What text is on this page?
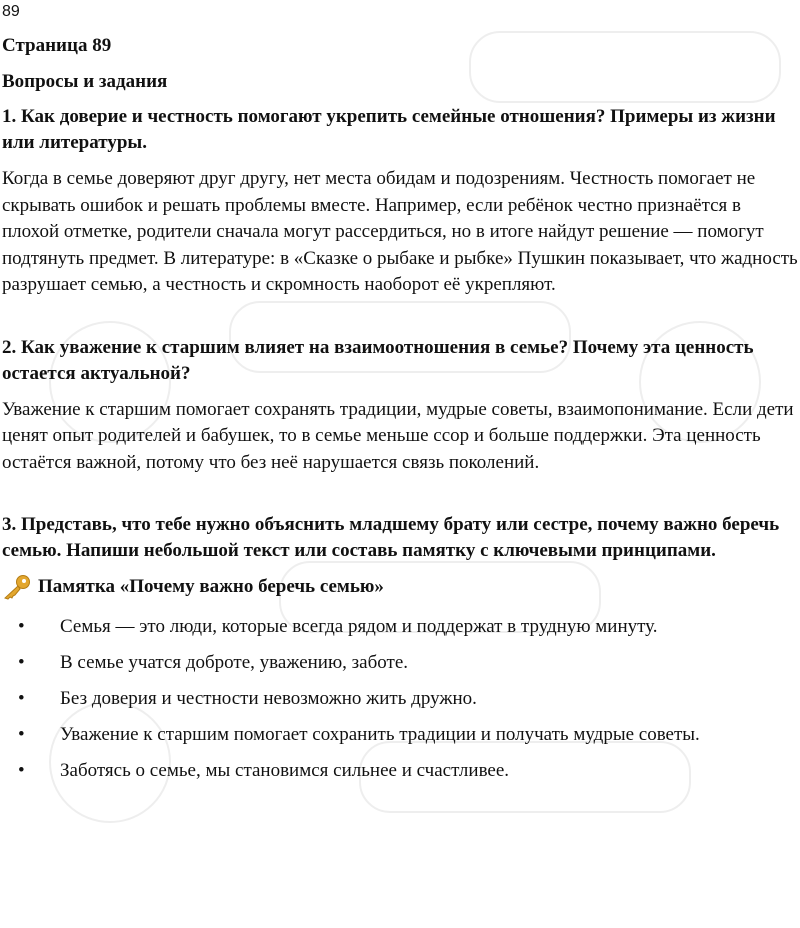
89
Страница 89
Вопросы и задания
1. Как доверие и честность помогают укрепить семейные отношения? Примеры из жизни или литературы.
Когда в семье доверяют друг другу, нет места обидам и подозрениям. Честность помогает не скрывать ошибок и решать проблемы вместе. Например, если ребёнок честно признаётся в плохой отметке, родители сначала могут рассердиться, но в итоге найдут решение — помогут подтянуть предмет. В литературе: в «Сказке о рыбаке и рыбке» Пушкин показывает, что жадность разрушает семью, а честность и скромность наоборот её укрепляют.
2. Как уважение к старшим влияет на взаимоотношения в семье? Почему эта ценность остается актуальной?
Уважение к старшим помогает сохранять традиции, мудрые советы, взаимопонимание. Если дети ценят опыт родителей и бабушек, то в семье меньше ссор и больше поддержки. Эта ценность остаётся важной, потому что без неё нарушается связь поколений.
3. Представь, что тебе нужно объяснить младшему брату или сестре, почему важно беречь семью. Напиши небольшой текст или составь памятку с ключевыми принципами.
Памятка «Почему важно беречь семью»
• Семья — это люди, которые всегда рядом и поддержат в трудную минуту.
• В семье учатся доброте, уважению, заботе.
• Без доверия и честности невозможно жить дружно.
• Уважение к старшим помогает сохранить традиции и получать мудрые советы.
• Заботясь о семье, мы становимся сильнее и счастливее.
